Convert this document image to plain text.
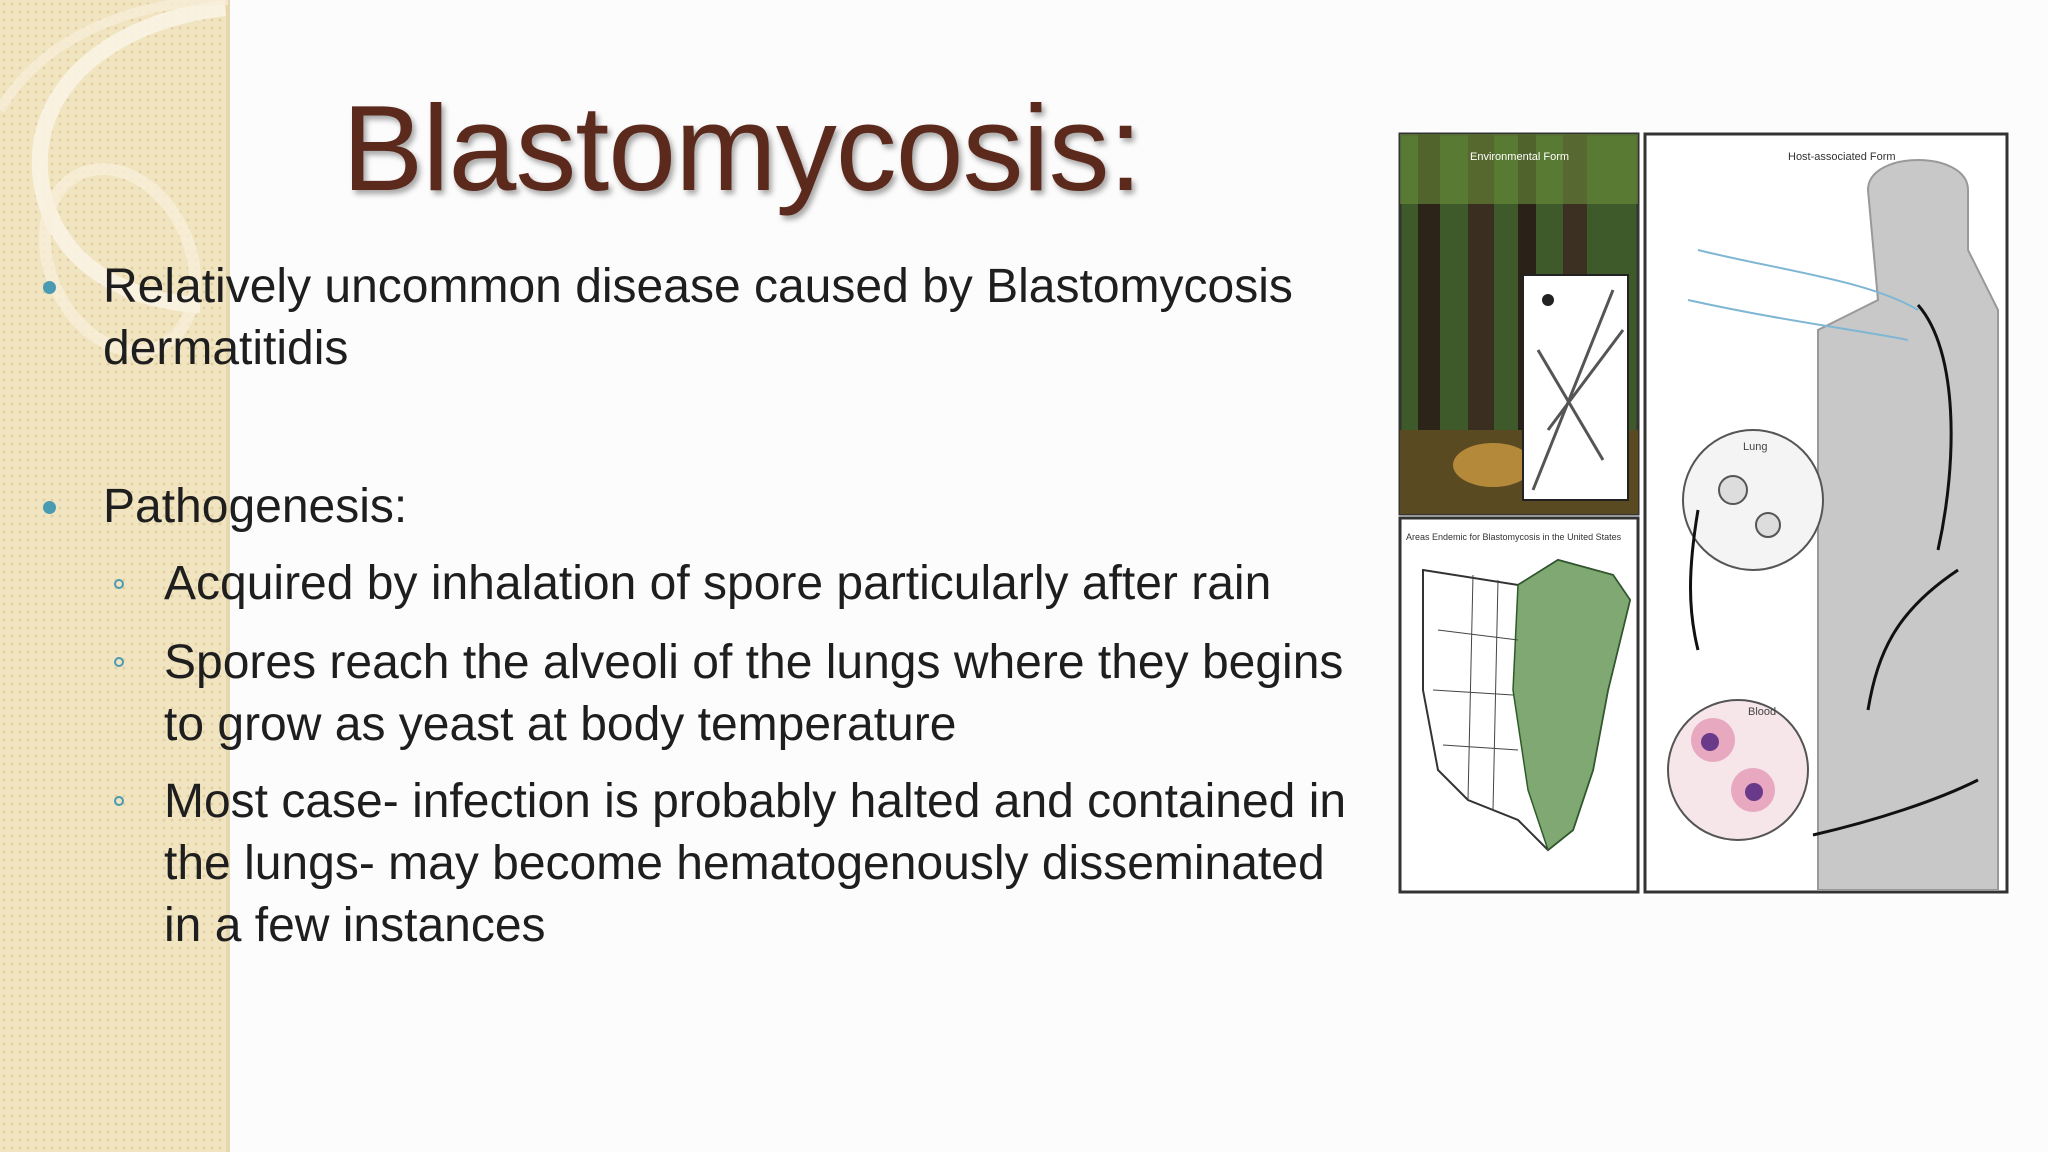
Blastomycosis:
Relatively uncommon disease caused by Blastomycosis
dermatitidis
Pathogenesis:
Acquired by inhalation of spore particularly after rain
Spores reach the alveoli of the lungs where they begins
to grow as yeast at body temperature
Most case- infection is probably halted and contained in
the lungs- may become hematogenously disseminated
in a few instances
Environmental Form
Areas Endemic for Blastomycosis in the United States
Host-associated Form
Lung
Blood
